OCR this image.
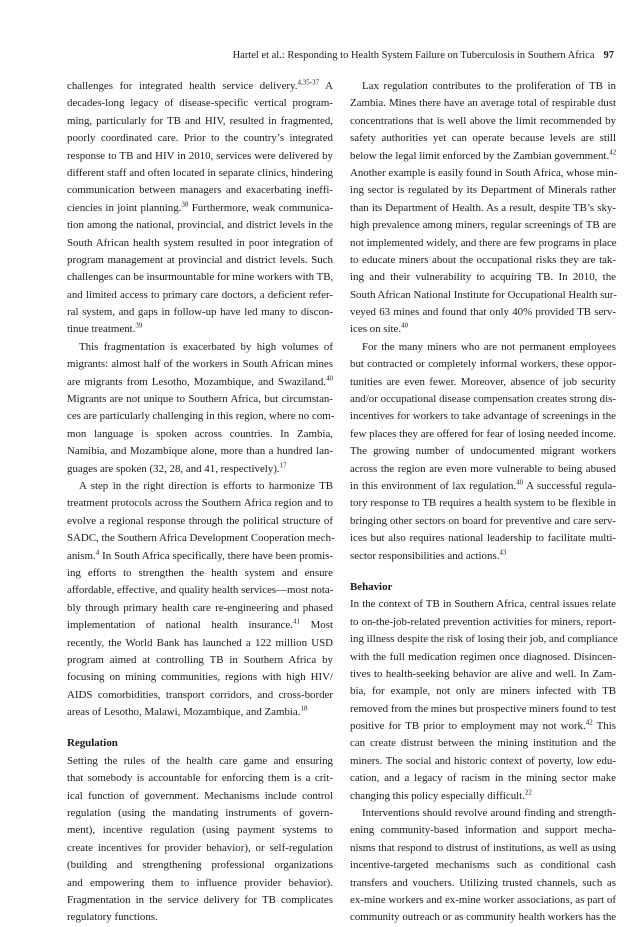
Hartel et al.: Responding to Health System Failure on Tuberculosis in Southern Africa 97
challenges for integrated health service delivery.$^{4,35-37}$ A
decades-long legacy of disease-specific vertical program-
ming, particularly for TB and HIV, resulted in fragmented,
poorly coordinated care. Prior to the country’s integrated
response to TB and HIV in 2010, services were delivered by
different staff and often located in separate clinics, hindering
communication between managers and exacerbating ineffi-
ciencies in joint planning.$^{38}$ Furthermore, weak communica-
tion among the national, provincial, and district levels in the
South African health system resulted in poor integration of
program management at provincial and district levels. Such
challenges can be insurmountable for mine workers with TB,
and limited access to primary care doctors, a deficient refer-
ral system, and gaps in follow-up have led many to discon-
tinue treatment.$^{39}$
This fragmentation is exacerbated by high volumes of
migrants: almost half of the workers in South African mines
are migrants from Lesotho, Mozambique, and Swaziland.$^{40}$
Migrants are not unique to Southern Africa, but circumstan-
ces are particularly challenging in this region, where no com-
mon language is spoken across countries. In Zambia,
Namibia, and Mozambique alone, more than a hundred lan-
guages are spoken (32, 28, and 41, respectively).$^{17}$
A step in the right direction is efforts to harmonize TB
treatment protocols across the Southern Africa region and to
evolve a regional response through the political structure of
SADC, the Southern Africa Development Cooperation mech-
anism.$^4$ In South Africa specifically, there have been promis-
ing efforts to strengthen the health system and ensure
affordable, effective, and quality health services—most nota-
bly through primary health care re-engineering and phased
implementation of national health insurance.$^{41}$ Most
recently, the World Bank has launched a 122 million USD
program aimed at controlling TB in Southern Africa by
focusing on mining communities, regions with high HIV/
AIDS comorbidities, transport corridors, and cross-border
areas of Lesotho, Malawi, Mozambique, and Zambia.$^{18}$
Regulation
Setting the rules of the health care game and ensuring
that somebody is accountable for enforcing them is a crit-
ical function of government. Mechanisms include control
regulation (using the mandating instruments of govern-
ment), incentive regulation (using payment systems to
create incentives for provider behavior), or self-regulation
(building and strengthening professional organizations
and empowering them to influence provider behavior).
Fragmentation in the service delivery for TB complicates
regulatory functions.
Lax regulation contributes to the proliferation of TB in
Zambia. Mines there have an average total of respirable dust
concentrations that is well above the limit recommended by
safety authorities yet can operate because levels are still
below the legal limit enforced by the Zambian government.$^{42}$
Another example is easily found in South Africa, whose min-
ing sector is regulated by its Department of Minerals rather
than its Department of Health. As a result, despite TB’s sky-
high prevalence among miners, regular screenings of TB are
not implemented widely, and there are few programs in place
to educate miners about the occupational risks they are tak-
ing and their vulnerability to acquiring TB. In 2010, the
South African National Institute for Occupational Health sur-
veyed 63 mines and found that only 40% provided TB serv-
ices on site.$^{40}$
For the many miners who are not permanent employees
but contracted or completely informal workers, these oppor-
tunities are even fewer. Moreover, absence of job security
and/or occupational disease compensation creates strong dis-
incentives for workers to take advantage of screenings in the
few places they are offered for fear of losing needed income.
The growing number of undocumented migrant workers
across the region are even more vulnerable to being abused
in this environment of lax regulation.$^{40}$ A successful regula-
tory response to TB requires a health system to be flexible in
bringing other sectors on board for preventive and care serv-
ices but also requires national leadership to facilitate multi-
sector responsibilities and actions.$^{43}$
Behavior
In the context of TB in Southern Africa, central issues relate
to on-the-job-related prevention activities for miners, report-
ing illness despite the risk of losing their job, and compliance
with the full medication regimen once diagnosed. Disincen-
tives to health-seeking behavior are alive and well. In Zam-
bia, for example, not only are miners infected with TB
removed from the mines but prospective miners found to test
positive for TB prior to employment may not work.$^{42}$ This
can create distrust between the mining institution and the
miners. The social and historic context of poverty, low edu-
cation, and a legacy of racism in the mining sector make
changing this policy especially difficult.$^{22}$
Interventions should revolve around finding and strength-
ening community-based information and support mecha-
nisms that respond to distrust of institutions, as well as using
incentive-targeted mechanisms such as conditional cash
transfers and vouchers. Utilizing trusted channels, such as
ex-mine workers and ex-mine worker associations, as part of
community outreach or as community health workers has the
